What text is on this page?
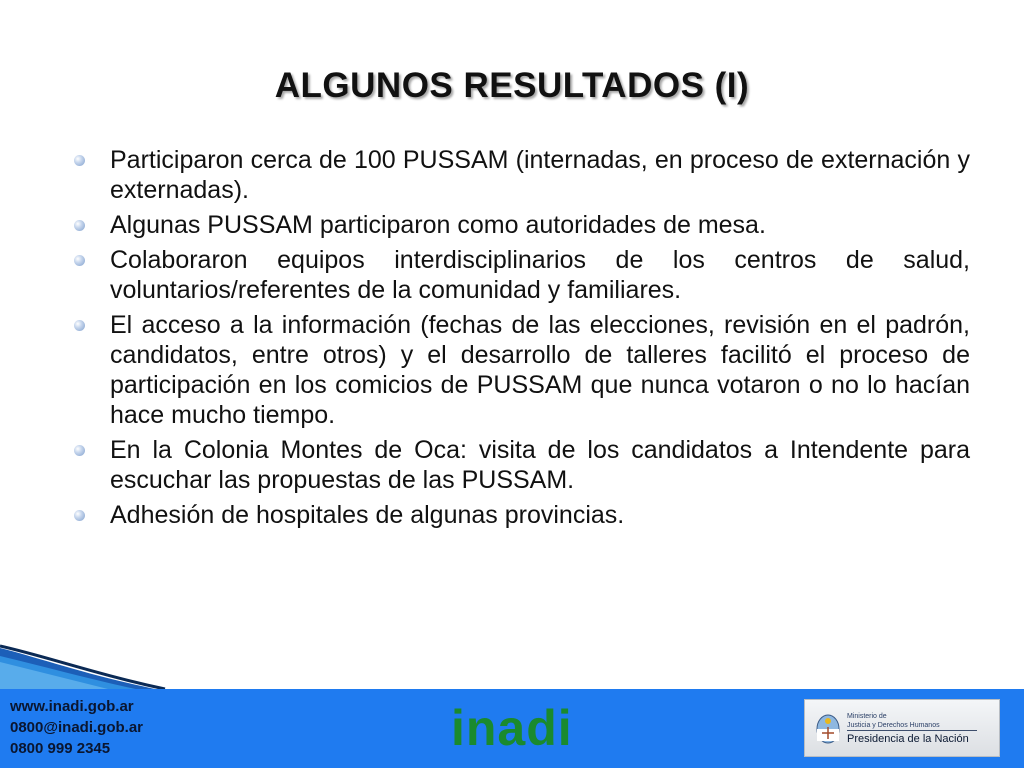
ALGUNOS RESULTADOS (I)
Participaron cerca de 100 PUSSAM (internadas, en proceso de externación y externadas).
Algunas PUSSAM participaron como autoridades de mesa.
Colaboraron equipos interdisciplinarios de los centros de salud, voluntarios/referentes de la comunidad y familiares.
El acceso a la información (fechas de las elecciones, revisión en el padrón, candidatos, entre otros) y el desarrollo de talleres facilitó el proceso de participación en los comicios de PUSSAM que nunca votaron o no lo hacían hace mucho tiempo.
En la Colonia Montes de Oca: visita de los candidatos a Intendente para escuchar las propuestas de las PUSSAM.
Adhesión de hospitales de algunas provincias.
www.inadi.gob.ar
0800@inadi.gob.ar
0800 999 2345	inadi	Ministerio de
Justicia y Derechos Humanos
Presidencia de la Nación
